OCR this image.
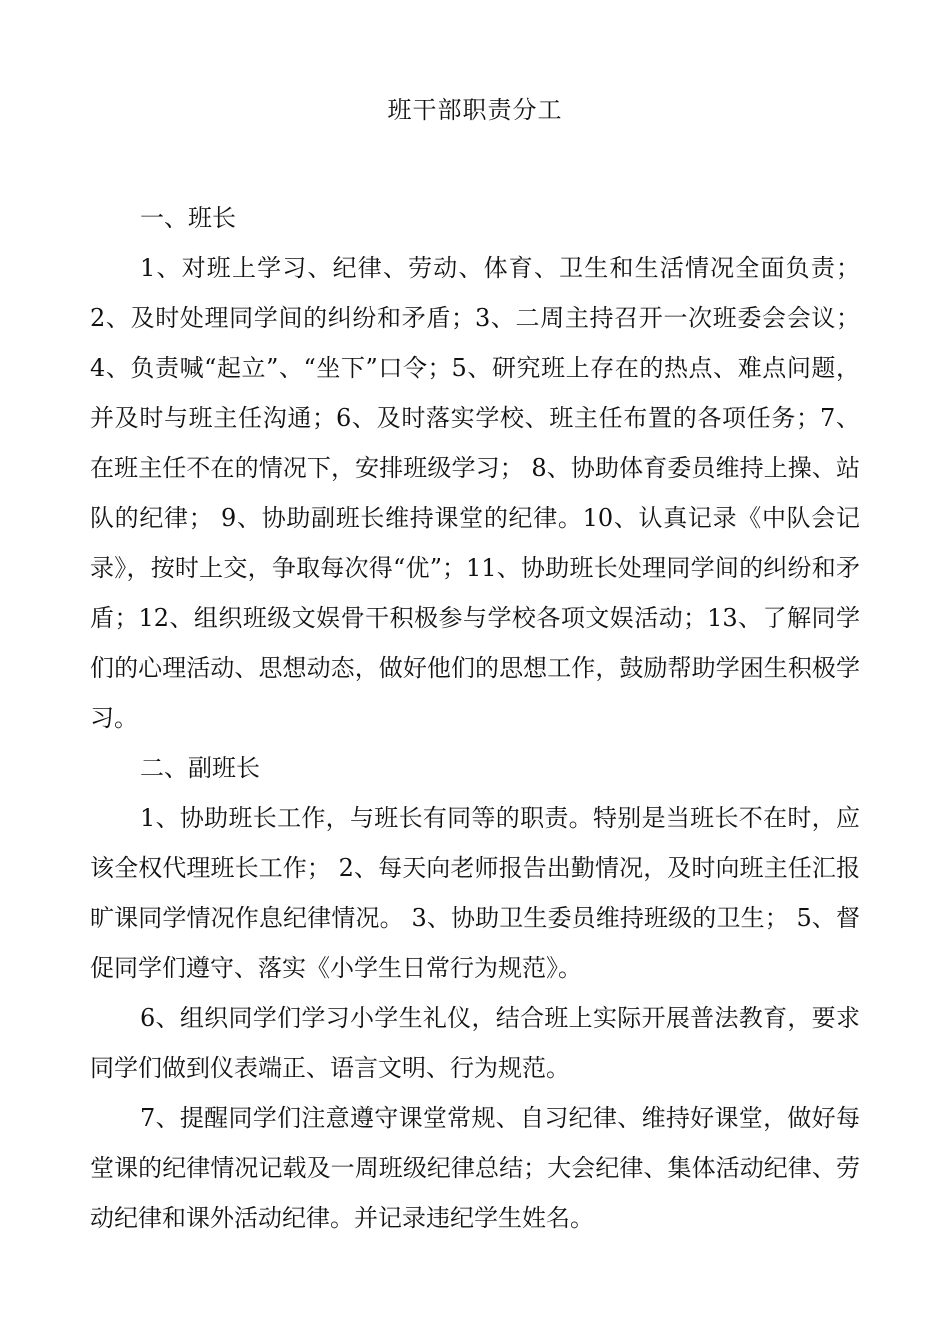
班干部职责分工

一、班长

1、对班上学习、纪律、劳动、体育、卫生和生活情况全面负责；2、及时处理同学间的纠纷和矛盾；3、二周主持召开一次班委会会议；4、负责喊“起立”、“坐下”口令；5、研究班上存在的热点、难点问题，并及时与班主任沟通；6、及时落实学校、班主任布置的各项任务；7、在班主任不在的情况下，安排班级学习； 8、协助体育委员维持上操、站队的纪律； 9、协助副班长维持课堂的纪律。10、认真记录《中队会记录》，按时上交，争取每次得“优”；11、协助班长处理同学间的纠纷和矛盾；12、组织班级文娱骨干积极参与学校各项文娱活动；13、了解同学们的心理活动、思想动态，做好他们的思想工作，鼓励帮助学困生积极学习。

二、副班长

1、协助班长工作，与班长有同等的职责。特别是当班长不在时，应该全权代理班长工作； 2、每天向老师报告出勤情况，及时向班主任汇报旷课同学情况作息纪律情况。 3、协助卫生委员维持班级的卫生； 5、督促同学们遵守、落实《小学生日常行为规范》。

6、组织同学们学习小学生礼仪，结合班上实际开展普法教育，要求同学们做到仪表端正、语言文明、行为规范。

7、提醒同学们注意遵守课堂常规、自习纪律、维持好课堂，做好每堂课的纪律情况记载及一周班级纪律总结；大会纪律、集体活动纪律、劳动纪律和课外活动纪律。并记录违纪学生姓名。
